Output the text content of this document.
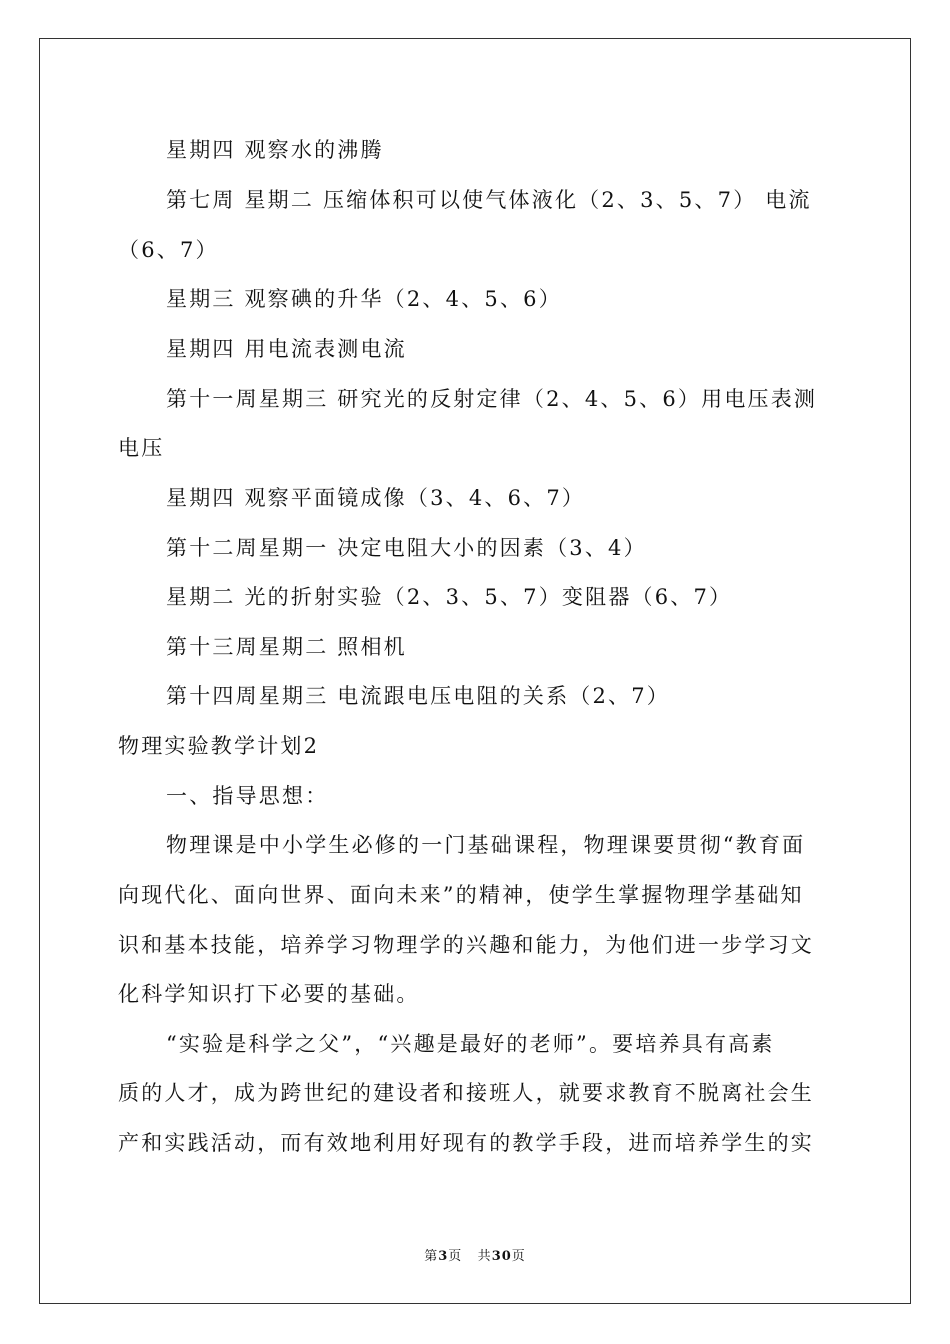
星期四 观察水的沸腾
第七周 星期二 压缩体积可以使气体液化（2、3、5、7） 电流
（6、7）
星期三 观察碘的升华（2、4、5、6）
星期四 用电流表测电流
第十一周星期三 研究光的反射定律（2、4、5、6）用电压表测
电压
星期四 观察平面镜成像（3、4、6、7）
第十二周星期一 决定电阻大小的因素（3、4）
星期二 光的折射实验（2、3、5、7）变阻器（6、7）
第十三周星期二 照相机
第十四周星期三 电流跟电压电阻的关系（2、7）
物理实验教学计划2
一、指导思想：
物理课是中小学生必修的一门基础课程，物理课要贯彻“教育面
向现代化、面向世界、面向未来”的精神，使学生掌握物理学基础知
识和基本技能，培养学习物理学的兴趣和能力，为他们进一步学习文
化科学知识打下必要的基础。
“实验是科学之父”，“兴趣是最好的老师”。要培养具有高素
质的人才，成为跨世纪的建设者和接班人，就要求教育不脱离社会生
产和实践活动，而有效地利用好现有的教学手段，进而培养学生的实
第3页 共30页
